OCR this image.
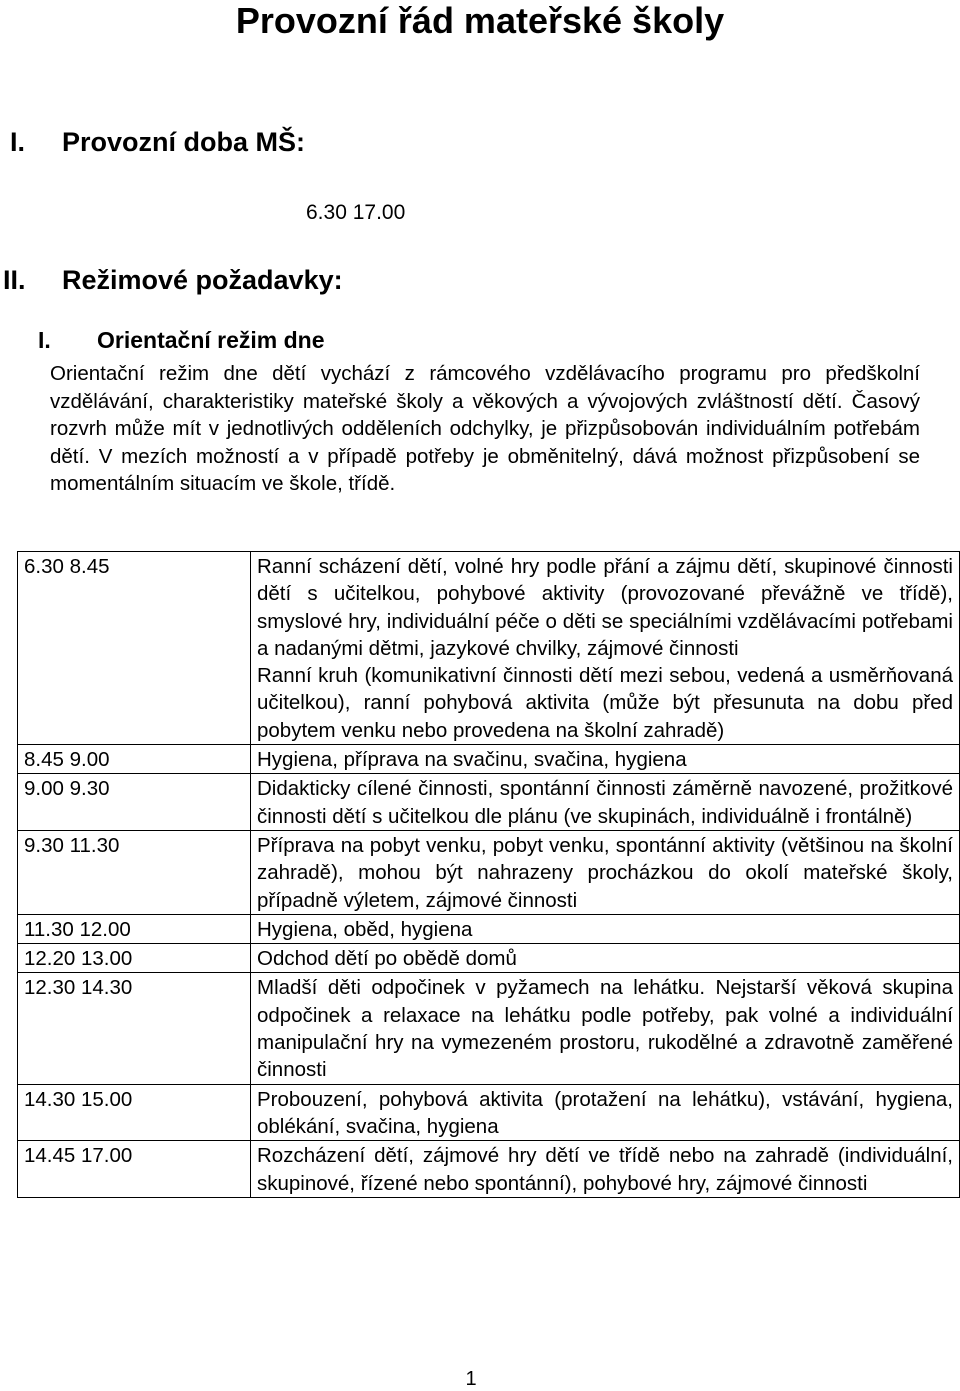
Provozní řád mateřské školy
I. Provozní doba MŠ:
6.30 17.00
II. Režimové požadavky:
I. Orientační režim dne

Orientační režim dne dětí vychází z rámcového vzdělávacího programu pro předškolní vzdělávání, charakteristiky mateřské školy a věkových a vývojových zvláštností dětí. Časový rozvrh může mít v jednotlivých odděleních odchylky, je přizpůsobován individuálním potřebám dětí. V mezích možností a v případě potřeby je obměnitelný, dává možnost přizpůsobení se momentálním situacím ve škole, třídě.

6.30 8.45	Ranní scházení dětí, volné hry podle přání a zájmu dětí, skupinové činnosti dětí s učitelkou, pohybové aktivity (provozované převážně ve třídě), smyslové hry, individuální péče o děti se speciálními vzdělávacími potřebami a nadanými dětmi, jazykové chvilky, zájmové činnosti
Ranní kruh (komunikativní činnosti dětí mezi sebou, vedená a usměrňovaná učitelkou), ranní pohybová aktivita (může být přesunuta na dobu před pobytem venku nebo provedena na školní zahradě)

8.45 9.00	Hygiena, příprava na svačinu, svačina, hygiena

9.00 9.30	Didakticky cílené činnosti, spontánní činnosti záměrně navozené, prožitkové činnosti dětí s učitelkou dle plánu (ve skupinách, individuálně i frontálně)

9.30 11.30	Příprava na pobyt venku, pobyt venku, spontánní aktivity (většinou na školní zahradě), mohou být nahrazeny procházkou do okolí mateřské školy, případně výletem, zájmové činnosti

11.30 12.00	Hygiena, oběd, hygiena

12.20 13.00	Odchod dětí po obědě domů

12.30 14.30	Mladší děti odpočinek v pyžamech na lehátku. Nejstarší věková skupina odpočinek a relaxace na lehátku podle potřeby, pak volné a individuální manipulační hry na vymezeném prostoru, rukodělné a zdravotně zaměřené činnosti

14.30 15.00	Probouzení, pohybová aktivita (protažení na lehátku), vstávání, hygiena, oblékání, svačina, hygiena

14.45 17.00	Rozcházení dětí, zájmové hry dětí ve třídě nebo na zahradě (individuální, skupinové, řízené nebo spontánní), pohybové hry, zájmové činnosti
1
